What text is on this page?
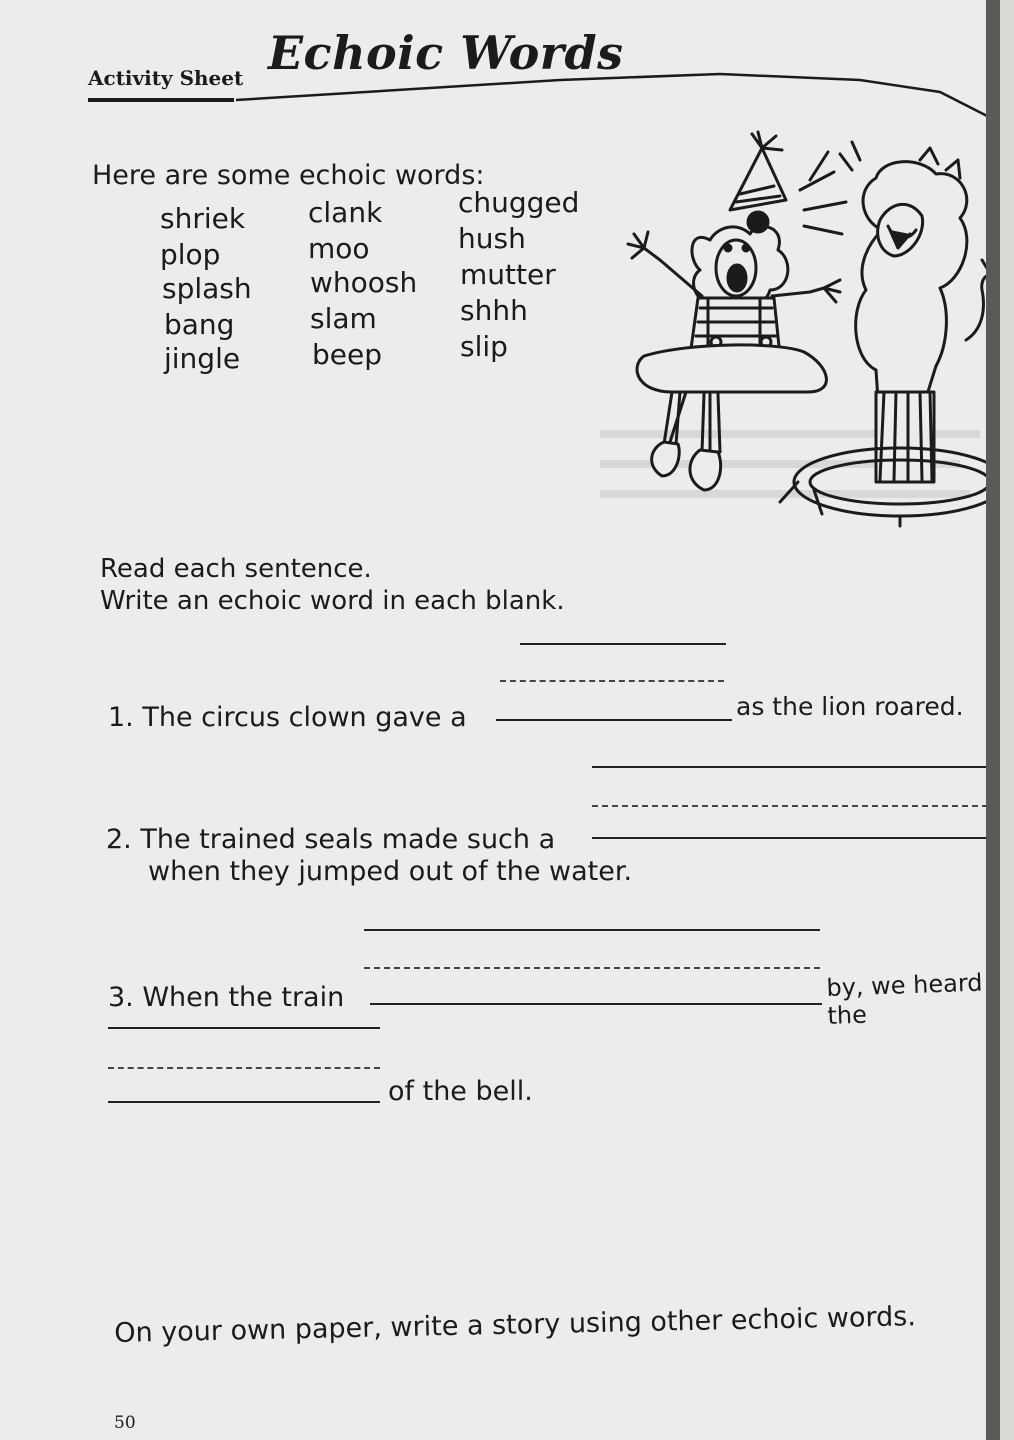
Activity Sheet Echoic Words
Here are some echoic words:
shriek
plop
splash
bang
jingle
clank
moo
whoosh
slam
beep
chugged
hush
mutter
shhh
slip
Read each sentence.
Write an echoic word in each blank.
1. The circus clown gave a	as the lion roared.
2. The trained seals made such a
when they jumped out of the water.
3. When the train	by, we heard the
of the bell.
On your own paper, write a story using other echoic words.
50
